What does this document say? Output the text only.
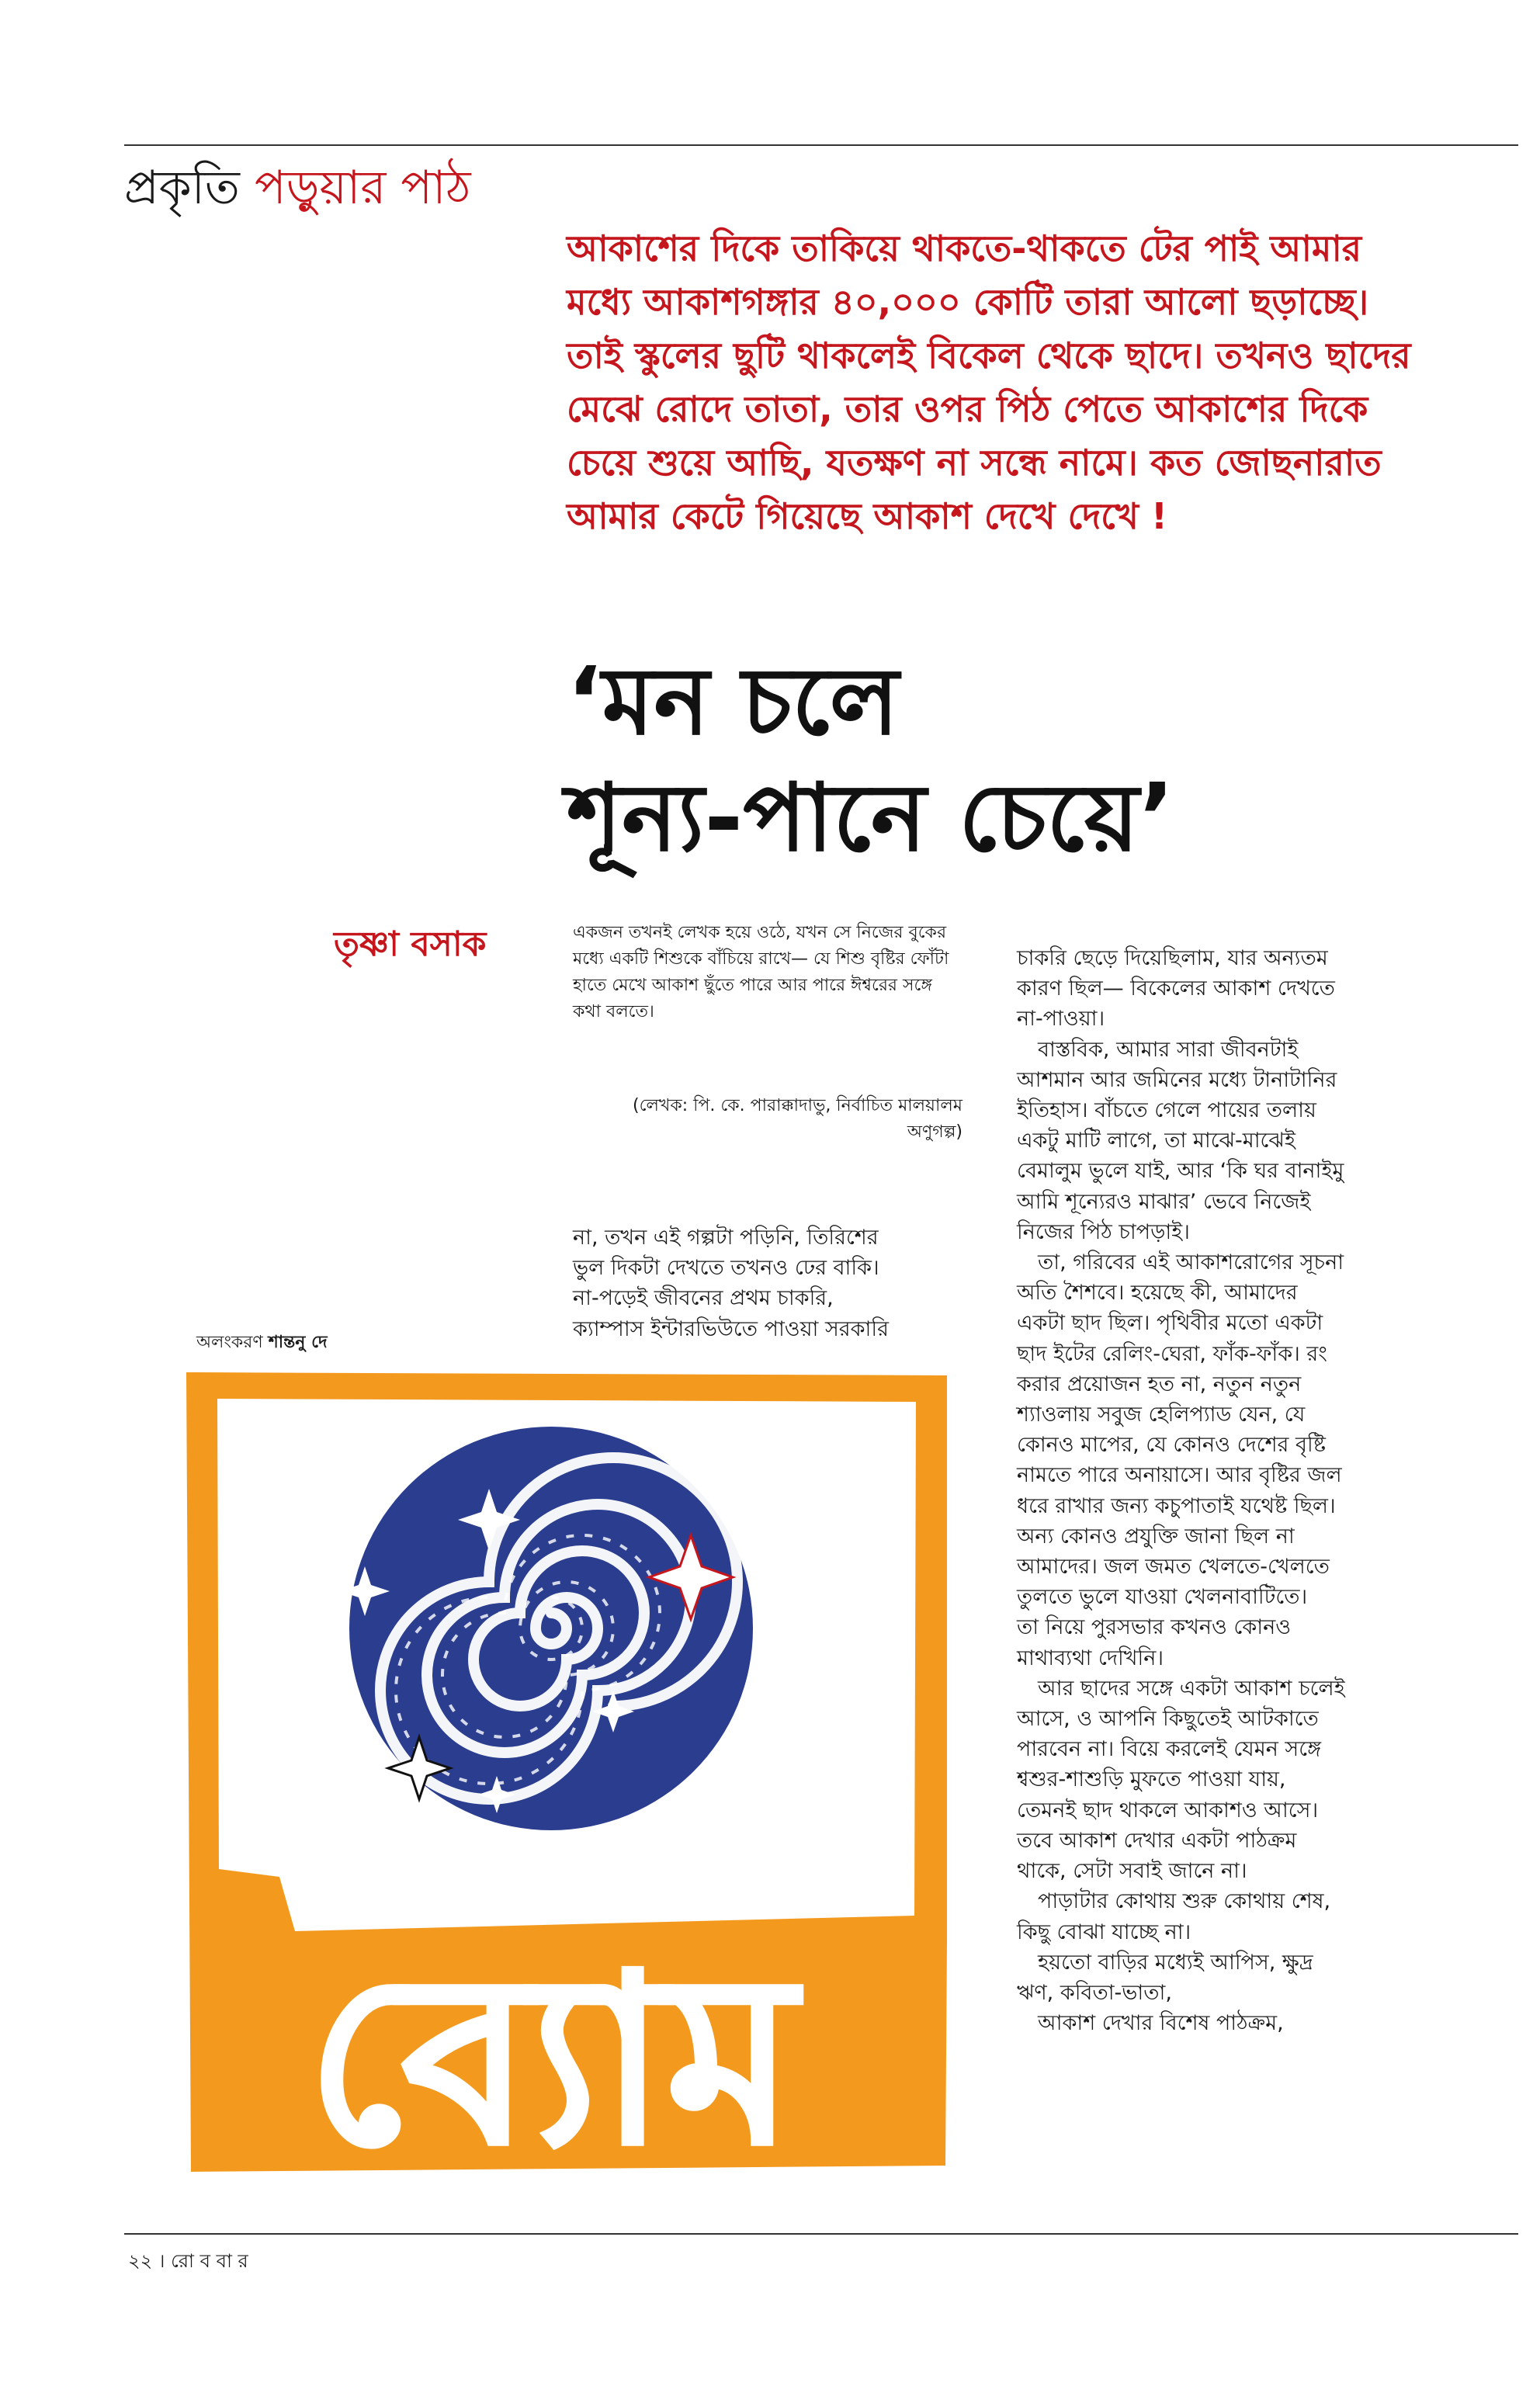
প্রকৃতি পড়ুয়ার পাঠ

আকাশের দিকে তাকিয়ে থাকতে-থাকতে টের পাই আমার মধ্যে আকাশগঙ্গার ৪০,০০০ কোটি তারা আলো ছড়াচ্ছে। তাই স্কুলের ছুটি থাকলেই বিকেল থেকে ছাদে। তখনও ছাদের মেঝে রোদে তাতা, তার ওপর পিঠ পেতে আকাশের দিকে চেয়ে শুয়ে আছি, যতক্ষণ না সন্ধে নামে। কত জোছনারাত আমার কেটে গিয়েছে আকাশ দেখে দেখে !

‘মন চলে
শূন্য-পানে চেয়ে’
তৃষ্ণা বসাক	একজন তখনই লেখক হয়ে ওঠে, যখন সে নিজের বুকের মধ্যে একটি শিশুকে বাঁচিয়ে রাখে— যে শিশু বৃষ্টির ফোঁটা হাতে মেখে আকাশ ছুঁতে পারে আর পারে ঈশ্বরের সঙ্গে কথা বলতে।

(লেখক: পি. কে. পারাক্কাদাভু, নির্বাচিত মালয়ালম অণুগল্প)

না, তখন এই গল্পটা পড়িনি, তিরিশের
ভুল দিকটা দেখতে তখনও ঢের বাকি।
না-পড়েই জীবনের প্রথম চাকরি,
ক্যাম্পাস ইন্টারভিউতে পাওয়া সরকারি
চাকরি ছেড়ে দিয়েছিলাম, যার অন্যতম
কারণ ছিল— বিকেলের আকাশ দেখতে
না-পাওয়া।
 বাস্তবিক, আমার সারা জীবনটাই
আশমান আর জমিনের মধ্যে টানাটানির
ইতিহাস। বাঁচতে গেলে পায়ের তলায়
একটু মাটি লাগে, তা মাঝে-মাঝেই
বেমালুম ভুলে যাই, আর ‘কি ঘর বানাইমু
আমি শূন্যেরও মাঝার’ ভেবে নিজেই
নিজের পিঠ চাপড়াই।
 তা, গরিবের এই আকাশরোগের সূচনা
অতি শৈশবে। হয়েছে কী, আমাদের
একটা ছাদ ছিল। পৃথিবীর মতো একটা
ছাদ ইটের রেলিং-ঘেরা, ফাঁক-ফাঁক। রং
করার প্রয়োজন হত না, নতুন নতুন
শ্যাওলায় সবুজ হেলিপ্যাড যেন, যে
কোনও মাপের, যে কোনও দেশের বৃষ্টি
নামতে পারে অনায়াসে। আর বৃষ্টির জল
ধরে রাখার জন্য কচুপাতাই যথেষ্ট ছিল।
অন্য কোনও প্রযুক্তি জানা ছিল না
আমাদের। জল জমত খেলতে-খেলতে
তুলতে ভুলে যাওয়া খেলনাবাটিতে।
তা নিয়ে পুরসভার কখনও কোনও
মাথাব্যথা দেখিনি।
 আর ছাদের সঙ্গে একটা আকাশ চলেই
আসে, ও আপনি কিছুতেই আটকাতে
পারবেন না। বিয়ে করলেই যেমন সঙ্গে
শ্বশুর-শাশুড়ি মুফতে পাওয়া যায়,
তেমনই ছাদ থাকলে আকাশও আসে।
তবে আকাশ দেখার একটা পাঠক্রম
থাকে, সেটা সবাই জানে না।
 পাড়াটার কোথায় শুরু কোথায় শেষ,
কিছু বোঝা যাচ্ছে না।
 হয়তো বাড়ির মধ্যেই আপিস, ক্ষুদ্র
ঋণ, কবিতা-ভাতা,
 আকাশ দেখার বিশেষ পাঠক্রম,
অলংকরণ শান্তনু দে
ব্যোম
২২ । রো ব বা র
